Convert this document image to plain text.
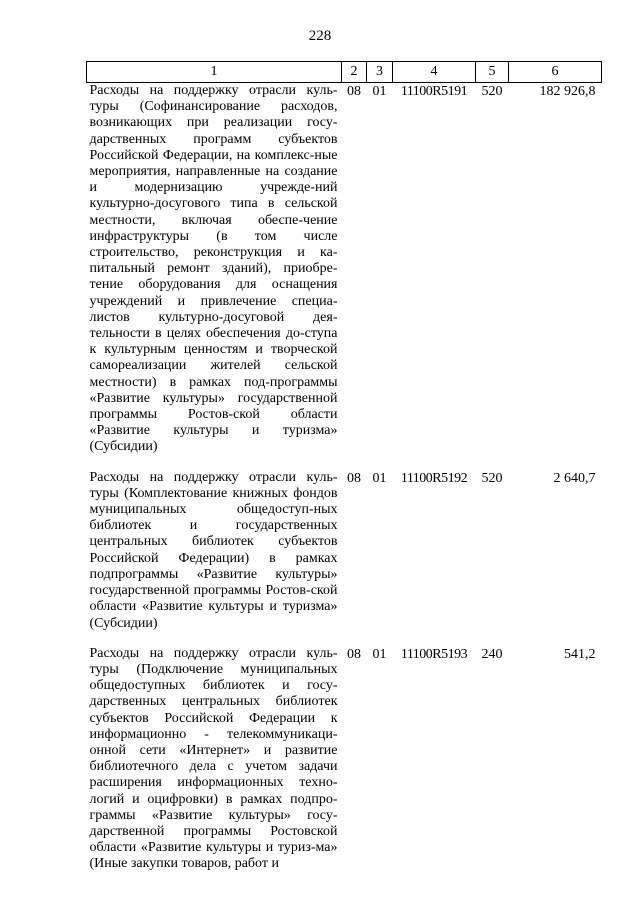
228
1	2	3	4	5	6
Расходы на поддержку отрасли куль-туры (Софинансирование расходов, возникающих при реализации госу-дарственных программ субъектов Российской Федерации, на комплекс-ные мероприятия, направленные на создание и модернизацию учрежде-ний культурно-досугового типа в сельской местности, включая обеспе-чение инфраструктуры (в том числе строительство, реконструкция и ка-питальный ремонт зданий), приобре-тение оборудования для оснащения учреждений и привлечение специа-листов культурно-досуговой дея-тельности в целях обеспечения до-ступа к культурным ценностям и творческой самореализации жителей сельской местности) в рамках под-программы «Развитие культуры» государственной программы Ростов-ской области «Развитие культуры и туризма» (Субсидии)	08	01	11100R5191	520	182 926,8
Расходы на поддержку отрасли куль-туры (Комплектование книжных фондов муниципальных общедоступ-ных библиотек и государственных центральных библиотек субъектов Российской Федерации) в рамках подпрограммы «Развитие культуры» государственной программы Ростов-ской области «Развитие культуры и туризма» (Субсидии)	08	01	11100R5192	520	2 640,7
Расходы на поддержку отрасли куль-туры (Подключение муниципальных общедоступных библиотек и госу-дарственных центральных библиотек субъектов Российской Федерации к информационно - телекоммуникаци-онной сети «Интернет» и развитие библиотечного дела с учетом задачи расширения информационных техно-логий и оцифровки) в рамках подпро-граммы «Развитие культуры» госу-дарственной программы Ростовской области «Развитие культуры и туриз-ма» (Иные закупки товаров, работ и	08	01	11100R5193	240	541,2
